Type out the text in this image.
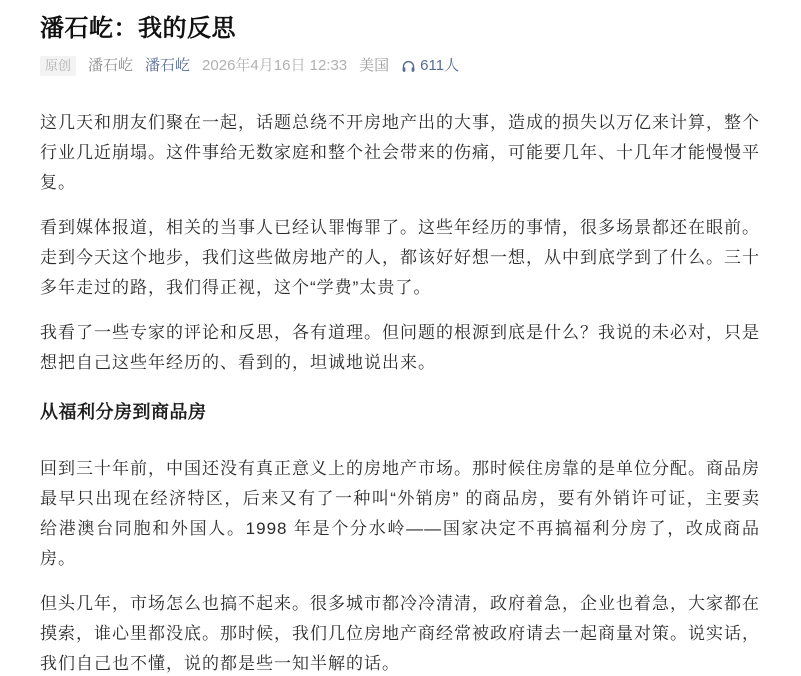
潘石屹：我的反思
原创	潘石屹 潘石屹 2026年4月16日 12:33 美国 611人

这几天和朋友们聚在一起，话题总绕不开房地产出的大事，造成的损失以万亿来计算，整个行业几近崩塌。这件事给无数家庭和整个社会带来的伤痛，可能要几年、十几年才能慢慢平复。

看到媒体报道，相关的当事人已经认罪悔罪了。这些年经历的事情，很多场景都还在眼前。走到今天这个地步，我们这些做房地产的人，都该好好想一想，从中到底学到了什么。三十多年走过的路，我们得正视，这个“学费”太贵了。

我看了一些专家的评论和反思，各有道理。但问题的根源到底是什么？我说的未必对，只是想把自己这些年经历的、看到的，坦诚地说出来。

从福利分房到商品房

回到三十年前，中国还没有真正意义上的房地产市场。那时候住房靠的是单位分配。商品房最早只出现在经济特区，后来又有了一种叫“外销房” 的商品房，要有外销许可证，主要卖给港澳台同胞和外国人。1998 年是个分水岭——国家决定不再搞福利分房了，改成商品房。

但头几年，市场怎么也搞不起来。很多城市都冷冷清清，政府着急，企业也着急，大家都在摸索，谁心里都没底。那时候，我们几位房地产商经常被政府请去一起商量对策。说实话，我们自己也不懂，说的都是些一知半解的话。
